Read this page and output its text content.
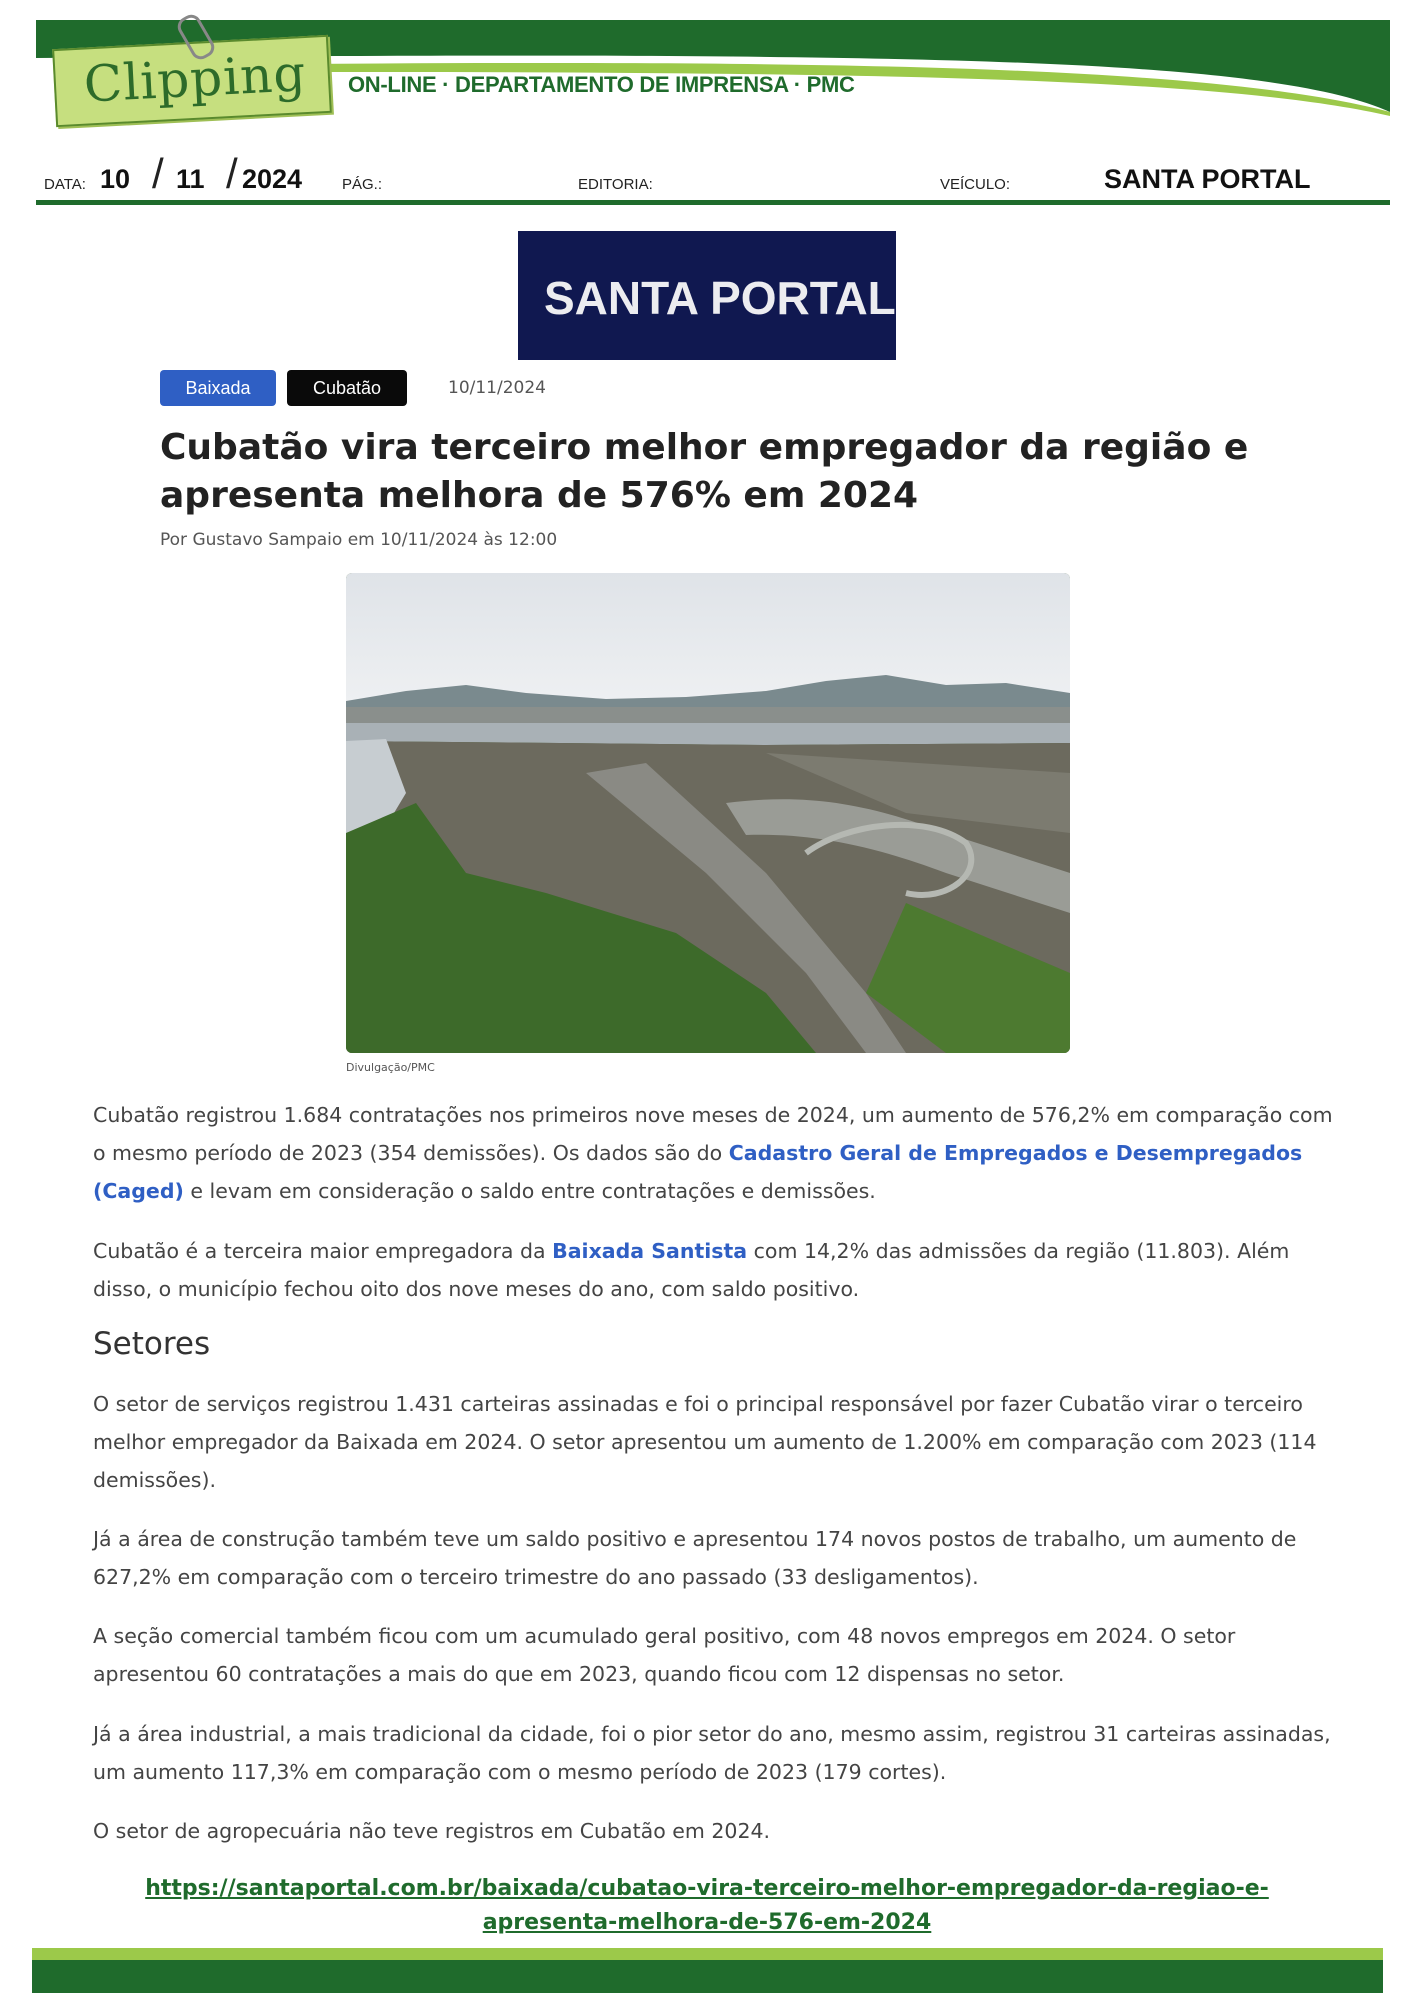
Clipping ON-LINE · DEPARTAMENTO DE IMPRENSA · PMC
DATA: 10 / 11 / 2024	PÁG.:	EDITORIA:	VEÍCULO:	SANTA PORTAL
SANTA PORTAL
Baixada	Cubatão	10/11/2024
Cubatão vira terceiro melhor empregador da região e apresenta melhora de 576% em 2024
Por Gustavo Sampaio em 10/11/2024 às 12:00
Divulgação/PMC

Cubatão registrou 1.684 contratações nos primeiros nove meses de 2024, um aumento de 576,2% em comparação com o mesmo período de 2023 (354 demissões). Os dados são do Cadastro Geral de Empregados e Desempregados (Caged) e levam em consideração o saldo entre contratações e demissões.

Cubatão é a terceira maior empregadora da Baixada Santista com 14,2% das admissões da região (11.803). Além disso, o município fechou oito dos nove meses do ano, com saldo positivo.

Setores

O setor de serviços registrou 1.431 carteiras assinadas e foi o principal responsável por fazer Cubatão virar o terceiro melhor empregador da Baixada em 2024. O setor apresentou um aumento de 1.200% em comparação com 2023 (114 demissões).

Já a área de construção também teve um saldo positivo e apresentou 174 novos postos de trabalho, um aumento de 627,2% em comparação com o terceiro trimestre do ano passado (33 desligamentos).

A seção comercial também ficou com um acumulado geral positivo, com 48 novos empregos em 2024. O setor apresentou 60 contratações a mais do que em 2023, quando ficou com 12 dispensas no setor.

Já a área industrial, a mais tradicional da cidade, foi o pior setor do ano, mesmo assim, registrou 31 carteiras assinadas, um aumento 117,3% em comparação com o mesmo período de 2023 (179 cortes).

O setor de agropecuária não teve registros em Cubatão em 2024.

https://santaportal.com.br/baixada/cubatao-vira-terceiro-melhor-empregador-da-regiao-e-apresenta-melhora-de-576-em-2024
